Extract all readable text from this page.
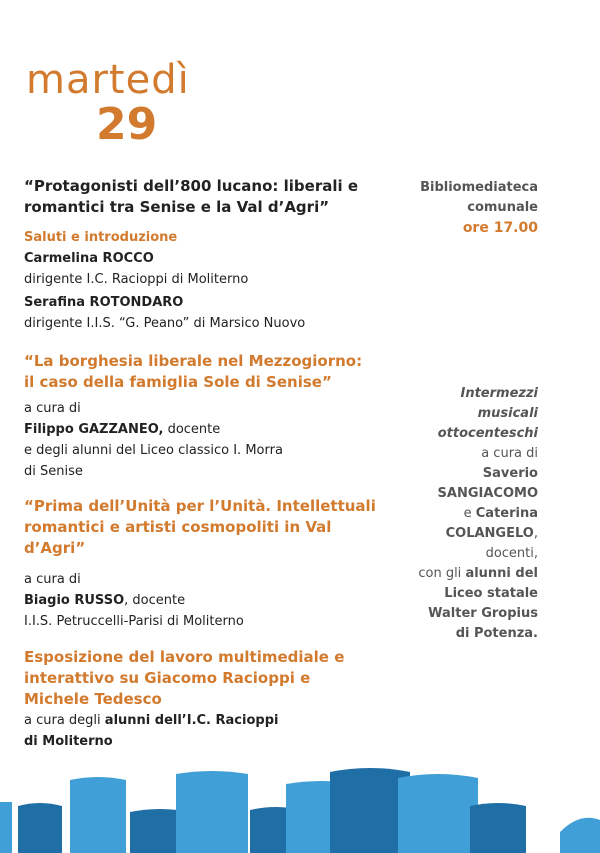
martedì
29

“Protagonisti dell’800 lucano: liberali e

romantici tra Senise e la Val d’Agri”

Saluti e introduzione

Carmelina ROCCO

dirigente I.C. Racioppi di Moliterno

Serafina ROTONDARO

dirigente I.I.S. “G. Peano” di Marsico Nuovo

“La borghesia liberale nel Mezzogiorno:

il caso della famiglia Sole di Senise”

a cura di

Filippo GAZZANEO, docente

e degli alunni del Liceo classico I. Morra

di Senise

“Prima dell’Unità per l’Unità. Intellettuali

romantici e artisti cosmopoliti in Val d’Agri”

a cura di

Biagio RUSSO, docente

I.I.S. Petruccelli-Parisi di Moliterno

Esposizione del lavoro multimediale e

interattivo su Giacomo Racioppi e

Michele Tedesco

a cura degli alunni dell’I.C. Racioppi

di Moliterno

Bibliomediateca

comunale

ore 17.00

Intermezzi

musicali

ottocenteschi

a cura di

Saverio

SANGIACOMO

e Caterina

COLANGELO,

docenti,

con gli alunni del

Liceo statale

Walter Gropius

di Potenza.
